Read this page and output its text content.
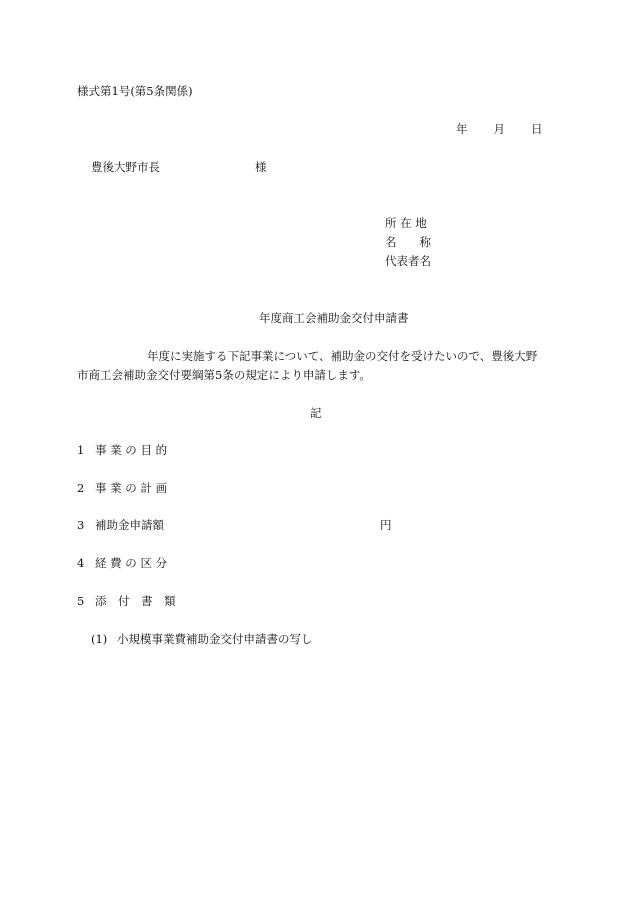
様式第1号(第5条関係)
年 月 日
豊後大野市長	様
所 在 地
名　　称
代表者名
年度商工会補助金交付申請書
年度に実施する下記事業について、補助金の交付を受けたいので、豊後大野
市商工会補助金交付要綱第5条の規定により申請します。
記
1 事 業 の 目 的
2 事 業 の 計 画
3 補助金申請額	円
4 経 費 の 区 分
5 添　付　書　類
(1) 小規模事業費補助金交付申請書の写し
